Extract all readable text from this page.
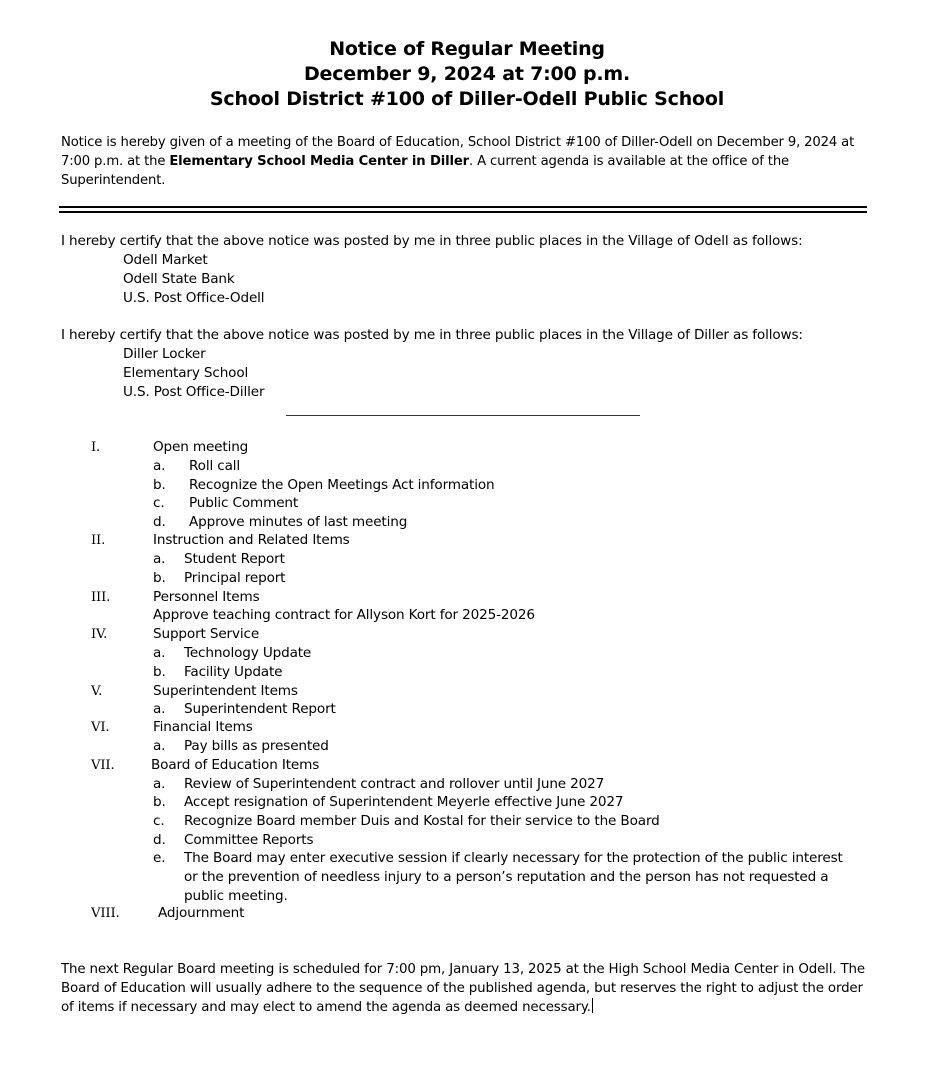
Notice of Regular Meeting
December 9, 2024 at 7:00 p.m.
School District #100 of Diller-Odell Public School
Notice is hereby given of a meeting of the Board of Education, School District #100 of Diller-Odell on December 9, 2024 at 7:00 p.m. at the Elementary School Media Center in Diller. A current agenda is available at the office of the Superintendent.
I hereby certify that the above notice was posted by me in three public places in the Village of Odell as follows:
Odell Market
Odell State Bank
U.S. Post Office-Odell
I hereby certify that the above notice was posted by me in three public places in the Village of Diller as follows:
Diller Locker
Elementary School
U.S. Post Office-Diller
I.	Open meeting
a. Roll call
b. Recognize the Open Meetings Act information
c. Public Comment
d. Approve minutes of last meeting
II.	Instruction and Related Items
a. Student Report
b. Principal report
III.	Personnel Items
Approve teaching contract for Allyson Kort for 2025-2026
IV.	Support Service
a. Technology Update
b. Facility Update
V.	Superintendent Items
a. Superintendent Report
VI.	Financial Items
a. Pay bills as presented
VII.	Board of Education Items
a. Review of Superintendent contract and rollover until June 2027
b. Accept resignation of Superintendent Meyerle effective June 2027
c. Recognize Board member Duis and Kostal for their service to the Board
d. Committee Reports
e. The Board may enter executive session if clearly necessary for the protection of the public interest or the prevention of needless injury to a person’s reputation and the person has not requested a public meeting.
VIII.	Adjournment
The next Regular Board meeting is scheduled for 7:00 pm, January 13, 2025 at the High School Media Center in Odell. The Board of Education will usually adhere to the sequence of the published agenda, but reserves the right to adjust the order of items if necessary and may elect to amend the agenda as deemed necessary.
